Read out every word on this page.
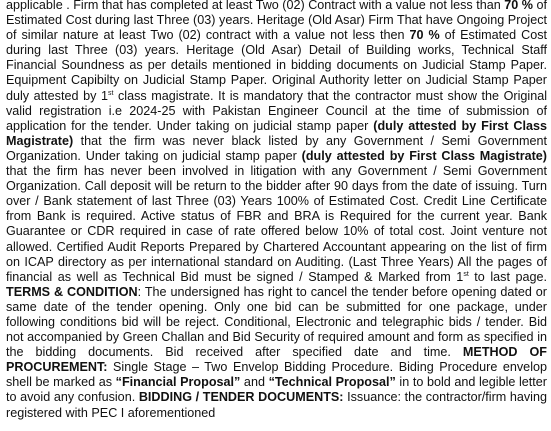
applicable . Firm that has completed at least Two (02) Contract with a value not less than 70 % of Estimated Cost during last Three (03) years. Heritage (Old Asar) Firm That have Ongoing Project of similar nature at least Two (02) contract with a value not less then 70 % of Estimated Cost during last Three (03) years. Heritage (Old Asar) Detail of Building works, Technical Staff Financial Soundness as per details mentioned in bidding documents on Judicial Stamp Paper. Equipment Capibilty on Judicial Stamp Paper. Original Authority letter on Judicial Stamp Paper duly attested by 1st class magistrate. It is mandatory that the contractor must show the Original valid registration i.e 2024-25 with Pakistan Engineer Council at the time of submission of application for the tender. Under taking on judicial stamp paper (duly attested by First Class Magistrate) that the firm was never black listed by any Government / Semi Government Organization. Under taking on judicial stamp paper (duly attested by First Class Magistrate) that the firm has never been involved in litigation with any Government / Semi Government Organization. Call deposit will be return to the bidder after 90 days from the date of issuing. Turn over / Bank statement of last Three (03) Years 100% of Estimated Cost. Credit Line Certificate from Bank is required. Active status of FBR and BRA is Required for the current year. Bank Guarantee or CDR required in case of rate offered below 10% of total cost. Joint venture not allowed. Certified Audit Reports Prepared by Chartered Accountant appearing on the list of firm on ICAP directory as per international standard on Auditing. (Last Three Years) All the pages of financial as well as Technical Bid must be signed / Stamped & Marked from 1st to last page. TERMS & CONDITION: The undersigned has right to cancel the tender before opening dated or same date of the tender opening. Only one bid can be submitted for one package, under following conditions bid will be reject. Conditional, Electronic and telegraphic bids / tender. Bid not accompanied by Green Challan and Bid Security of required amount and form as specified in the bidding documents. Bid received after specified date and time. METHOD OF PROCUREMENT: Single Stage – Two Envelop Bidding Procedure. Biding Procedure envelop shell be marked as “Financial Proposal” and “Technical Proposal” in to bold and legible letter to avoid any confusion. BIDDING / TENDER DOCUMENTS: Issuance: the contractor/firm having registered with PEC I aforementioned
